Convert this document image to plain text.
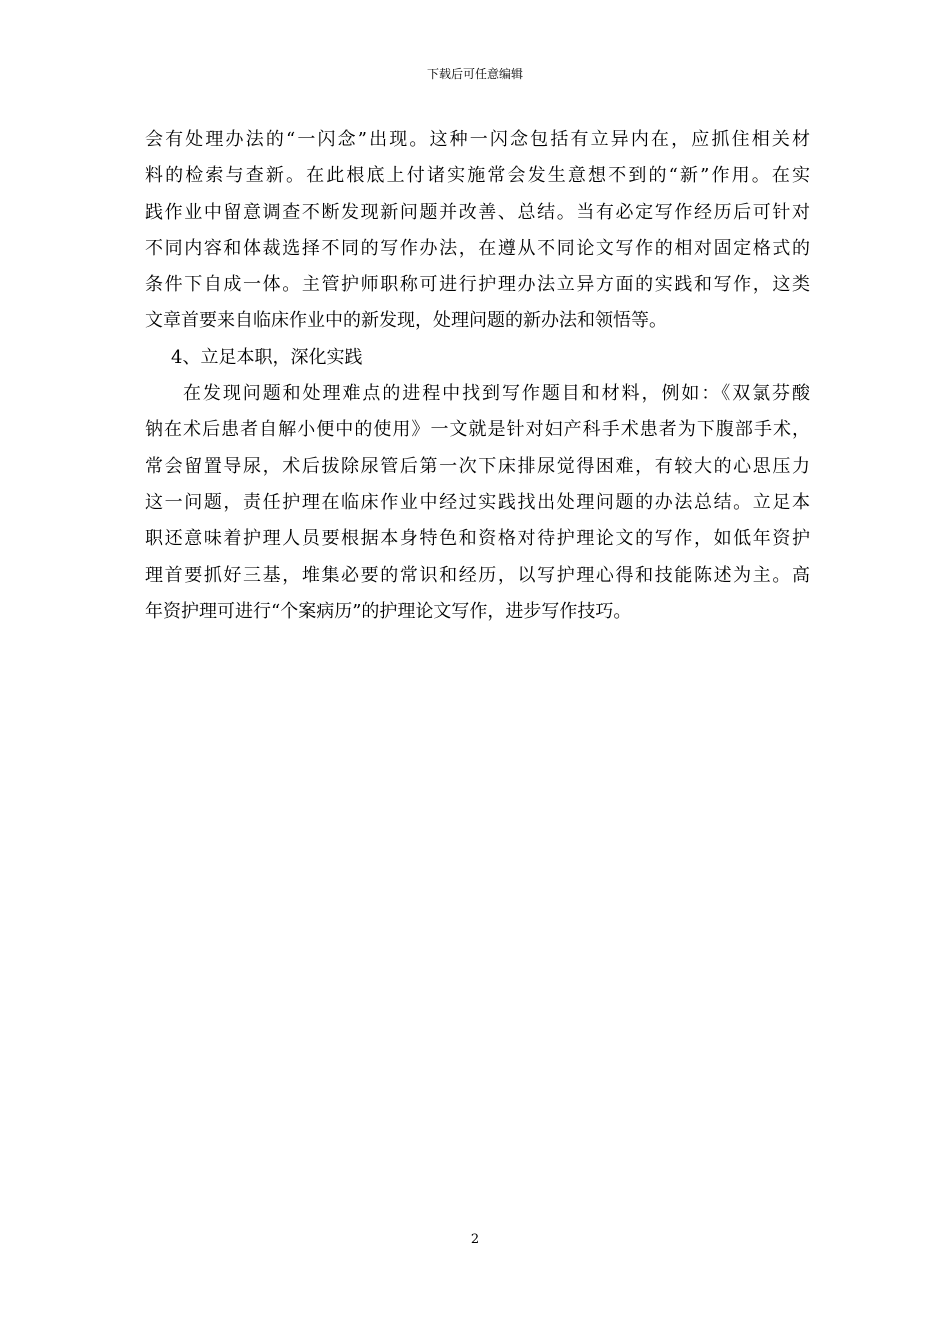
下载后可任意编辑
会有处理办法的“一闪念”出现。这种一闪念包括有立异内在，应抓住相关材
料的检索与查新。在此根底上付诸实施常会发生意想不到的“新”作用。在实
践作业中留意调查不断发现新问题并改善、总结。当有必定写作经历后可针对
不同内容和体裁选择不同的写作办法，在遵从不同论文写作的相对固定格式的
条件下自成一体。主管护师职称可进行护理办法立异方面的实践和写作，这类
文章首要来自临床作业中的新发现，处理问题的新办法和领悟等。
4、立足本职，深化实践
在发现问题和处理难点的进程中找到写作题目和材料，例如：《双氯芬酸
钠在术后患者自解小便中的使用》一文就是针对妇产科手术患者为下腹部手术，
常会留置导尿，术后拔除尿管后第一次下床排尿觉得困难，有较大的心思压力
这一问题，责任护理在临床作业中经过实践找出处理问题的办法总结。立足本
职还意味着护理人员要根据本身特色和资格对待护理论文的写作，如低年资护
理首要抓好三基，堆集必要的常识和经历，以写护理心得和技能陈述为主。高
年资护理可进行“个案病历”的护理论文写作，进步写作技巧。
2
